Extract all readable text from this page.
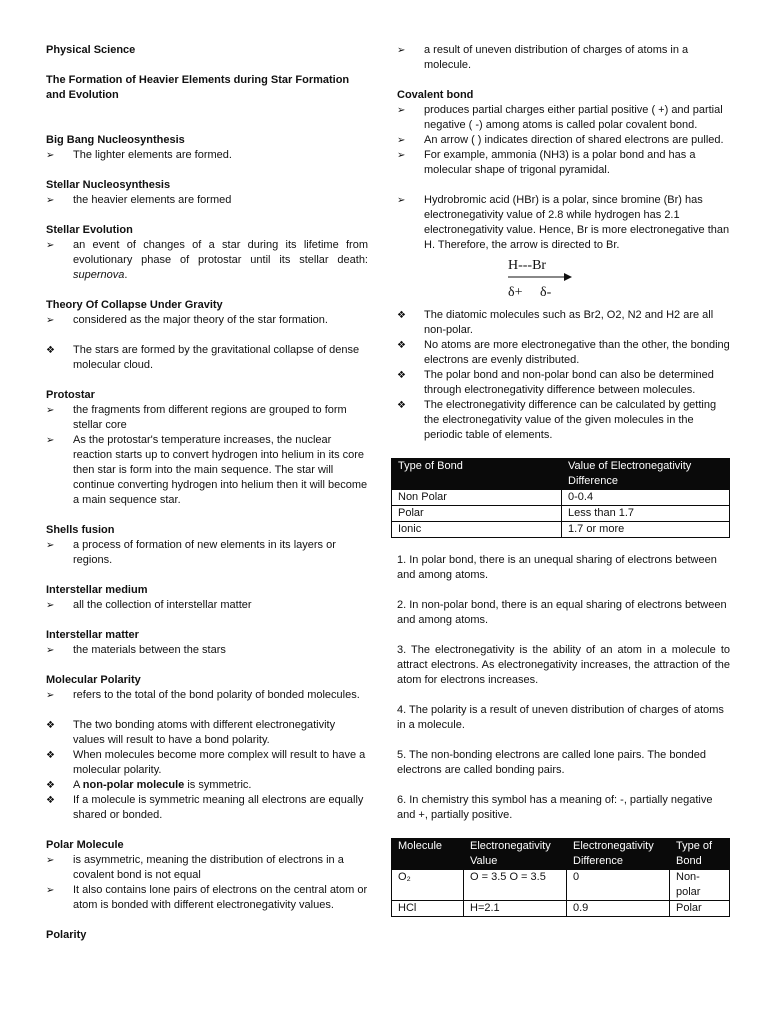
Physical Science
The Formation of Heavier Elements during Star Formation and Evolution
Big Bang Nucleosynthesis
➢ The lighter elements are formed.
Stellar Nucleosynthesis
➢ the heavier elements are formed
Stellar Evolution
➢ an event of changes of a star during its lifetime from evolutionary phase of protostar until its stellar death: supernova.
Theory Of Collapse Under Gravity
➢ considered as the major theory of the star formation.
❖ The stars are formed by the gravitational collapse of dense molecular cloud.
Protostar
➢ the fragments from different regions are grouped to form stellar core
➢ As the protostar's temperature increases, the nuclear reaction starts up to convert hydrogen into helium in its core then star is form into the main sequence. The star will continue converting hydrogen into helium then it will become a main sequence star.
Shells fusion
➢ a process of formation of new elements in its layers or regions.
Interstellar medium
➢ all the collection of interstellar matter
Interstellar matter
➢ the materials between the stars
Molecular Polarity
➢ refers to the total of the bond polarity of bonded molecules.
❖ The two bonding atoms with different electronegativity values will result to have a bond polarity.
❖ When molecules become more complex will result to have a molecular polarity.
❖ A non-polar molecule is symmetric.
❖ If a molecule is symmetric meaning all electrons are equally shared or bonded.
Polar Molecule
➢ is asymmetric, meaning the distribution of electrons in a covalent bond is not equal
➢ It also contains lone pairs of electrons on the central atom or atom is bonded with different electronegativity values.
Polarity
➢ a result of uneven distribution of charges of atoms in a molecule.
Covalent bond
➢ produces partial charges either partial positive ( +) and partial negative ( -) among atoms is called polar covalent bond.
➢ An arrow ( ) indicates direction of shared electrons are pulled.
➢ For example, ammonia (NH3) is a polar bond and has a molecular shape of trigonal pyramidal.
➢ Hydrobromic acid (HBr) is a polar, since bromine (Br) has electronegativity value of 2.8 while hydrogen has 2.1 electronegativity value. Hence, Br is more electronegative than H. Therefore, the arrow is directed to Br.
H---Br
δ+ δ-
❖ The diatomic molecules such as Br2, O2, N2 and H2 are all non-polar.
❖ No atoms are more electronegative than the other, the bonding electrons are evenly distributed.
❖ The polar bond and non-polar bond can also be determined through electronegativity difference between molecules.
❖ The electronegativity difference can be calculated by getting the electronegativity value of the given molecules in the periodic table of elements.
Type of Bond	Value of Electronegativity Difference
Non Polar	0-0.4
Polar	Less than 1.7
Ionic	1.7 or more

1. In polar bond, there is an unequal sharing of electrons between and among atoms.

2. In non-polar bond, there is an equal sharing of electrons between and among atoms.

3. The electronegativity is the ability of an atom in a molecule to attract electrons. As electronegativity increases, the attraction of the atom for electrons increases.

4. The polarity is a result of uneven distribution of charges of atoms in a molecule.

5. The non-bonding electrons are called lone pairs. The bonded electrons are called bonding pairs.

6. In chemistry this symbol has a meaning of: -, partially negative and +, partially positive.

Molecule	Electronegativity Value	Electronegativity Difference	Type of Bond
O₂	O = 3.5 O = 3.5	0	Non-polar
HCl	H=2.1	0.9	Polar
